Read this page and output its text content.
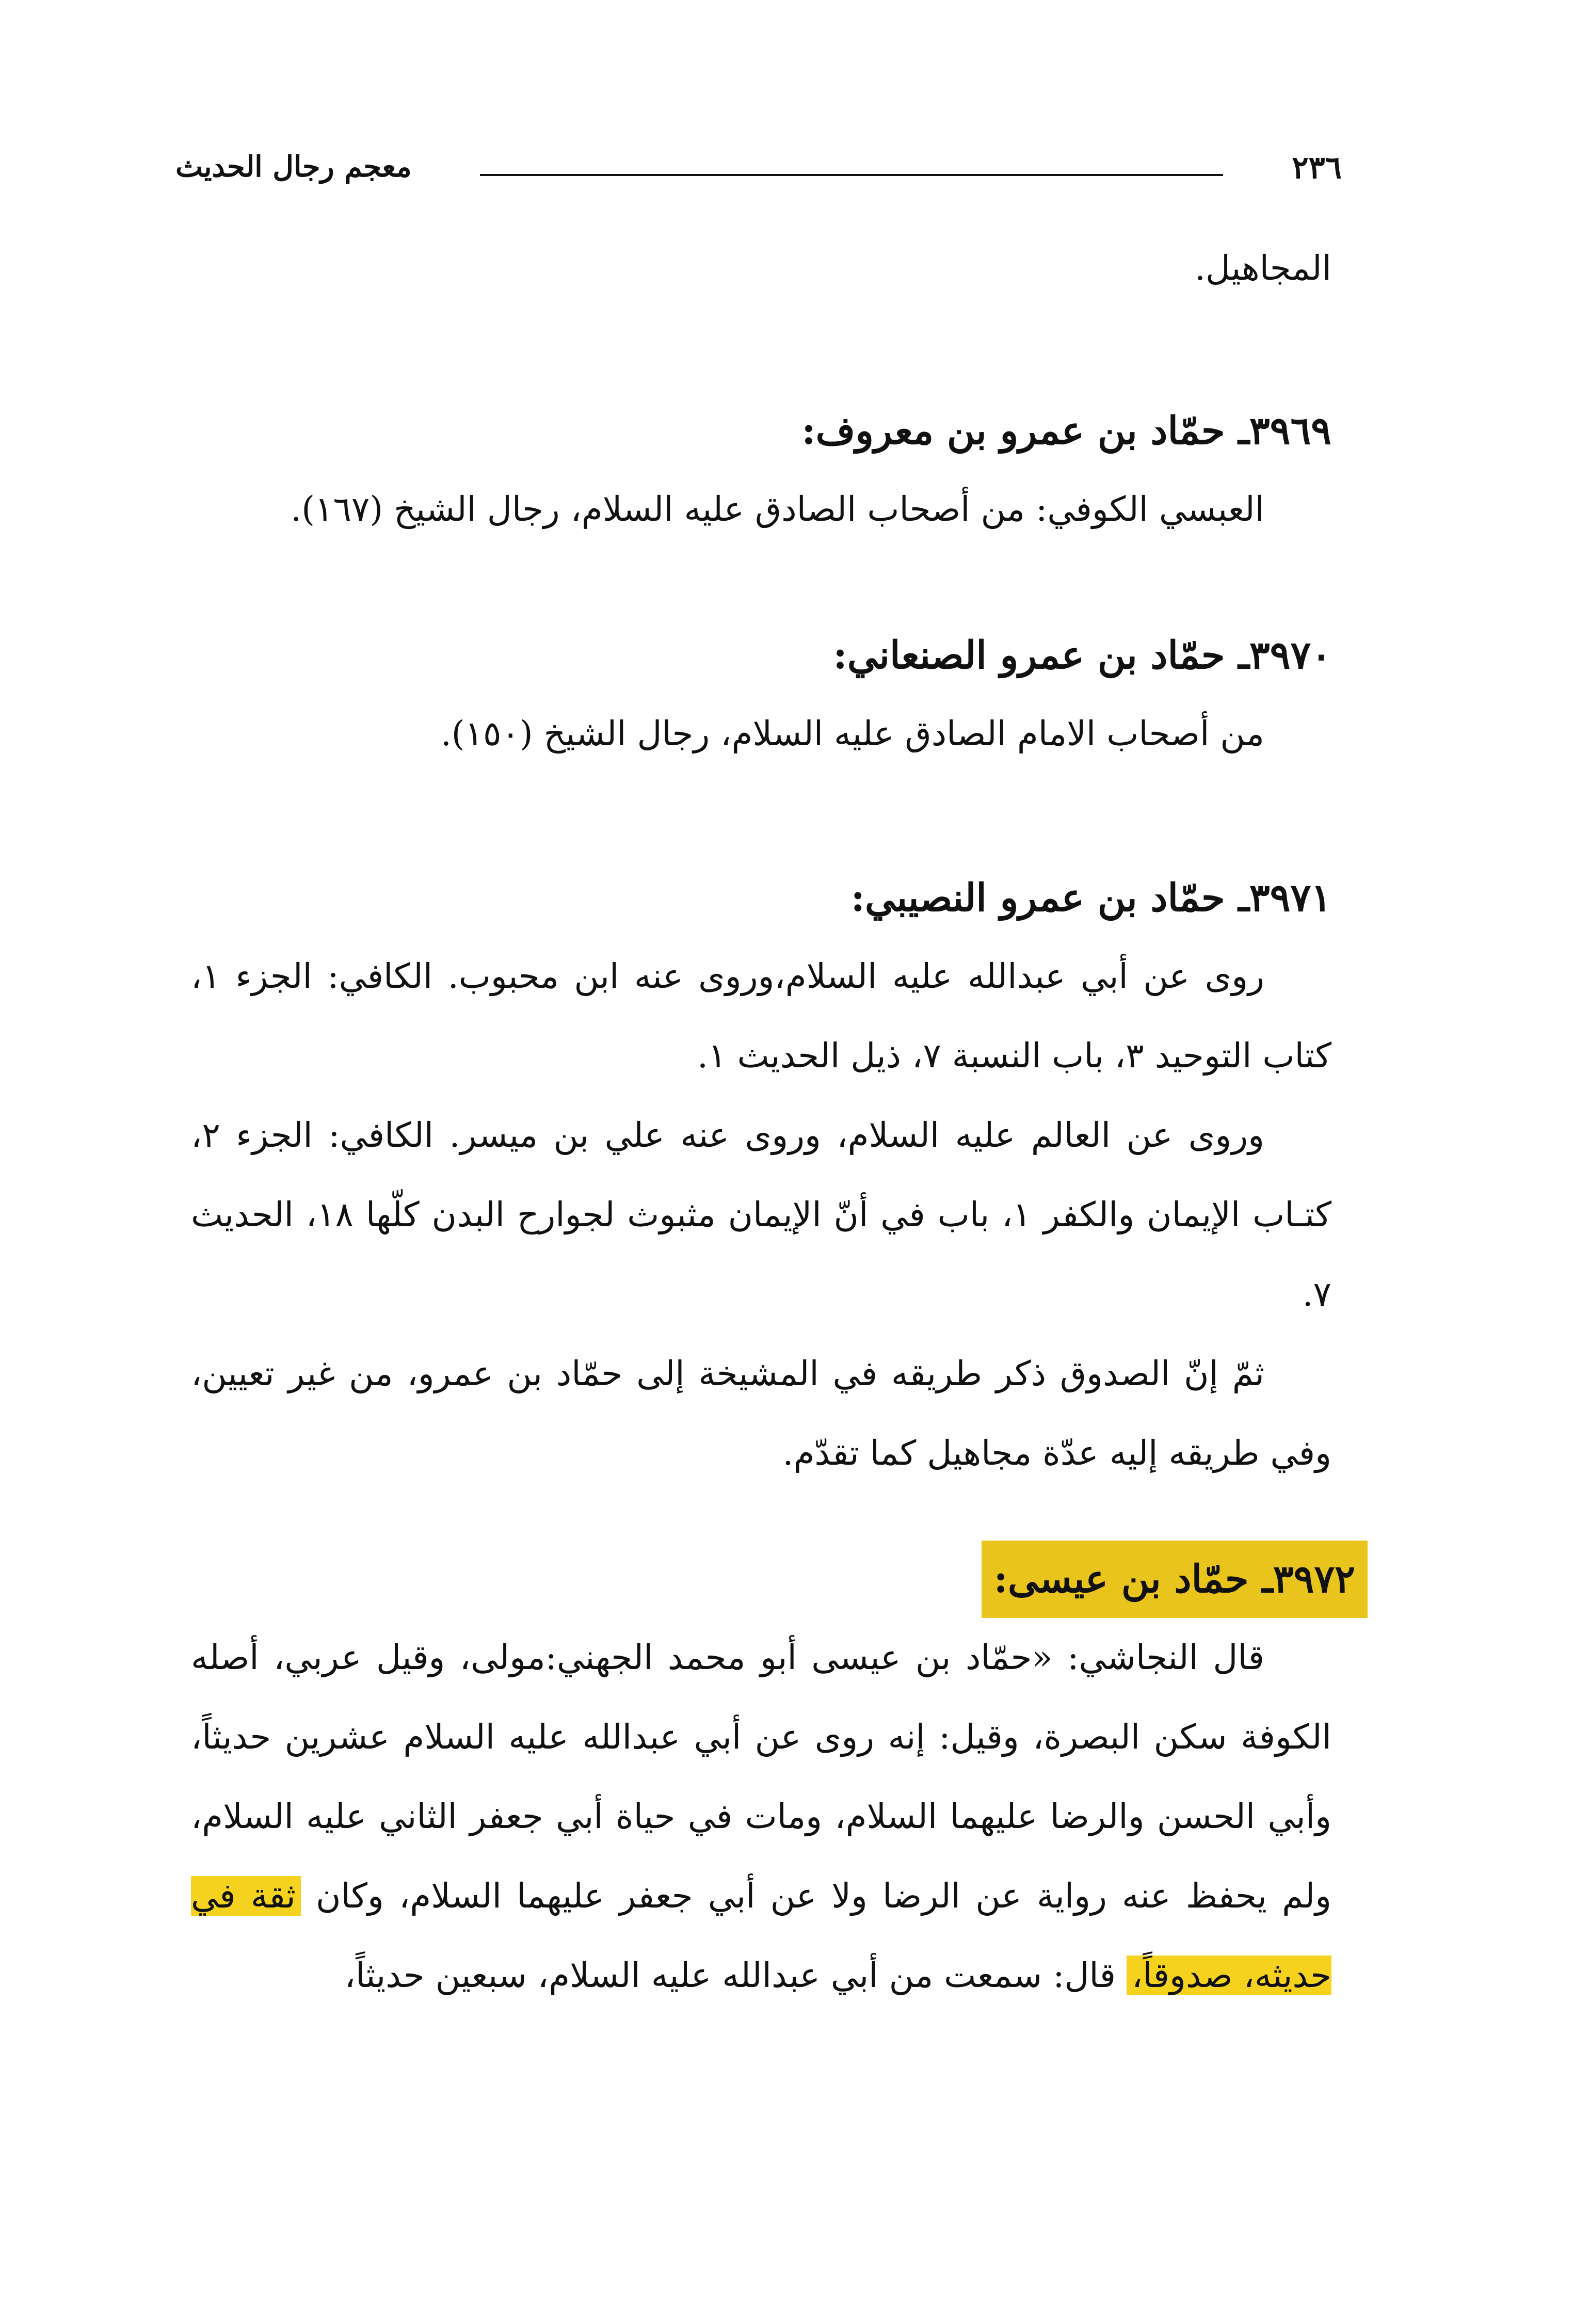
٢٣٦
معجم رجال الحديث
المجاهيل.
٣٩٦٩ـ حمّاد بن عمرو بن معروف:

العبسي الكوفي: من أصحاب الصادق عليه السلام، رجال الشيخ (١٦٧).

٣٩٧٠ـ حمّاد بن عمرو الصنعاني:

من أصحاب الامام الصادق عليه السلام، رجال الشيخ (١٥٠).

٣٩٧١ـ حمّاد بن عمرو النصيبي:

روى عن أبي عبدالله عليه السلام،وروى عنه ابن محبوب. الكافي: الجزء ١، كتاب التوحيد ٣، باب النسبة ٧، ذيل الحديث ١.

وروى عن العالم عليه السلام، وروى عنه علي بن ميسر. الكافي: الجزء ٢، كتـاب الإيمان والكفر ١، باب في أنّ الإيمان مثبوث لجوارح البدن كلّها ١٨، الحديث ٧.

ثمّ إنّ الصدوق ذكر طريقه في المشيخة إلى حمّاد بن عمرو، من غير تعيين، وفي طريقه إليه عدّة مجاهيل كما تقدّم.

٣٩٧٢ـ حمّاد بن عيسى:

قال النجاشي: «حمّاد بن عيسى أبو محمد الجهني:مولى، وقيل عربي، أصله الكوفة سكن البصرة، وقيل: إنه روى عن أبي عبدالله عليه السلام عشرين حديثاً، وأبي الحسن والرضا عليهما السلام، ومات في حياة أبي جعفر الثاني عليه السلام، ولم يحفظ عنه رواية عن الرضا ولا عن أبي جعفر عليهما السلام، وكان ثقة في حديثه، صدوقاً، قال: سمعت من أبي عبدالله عليه السلام، سبعين حديثاً،
